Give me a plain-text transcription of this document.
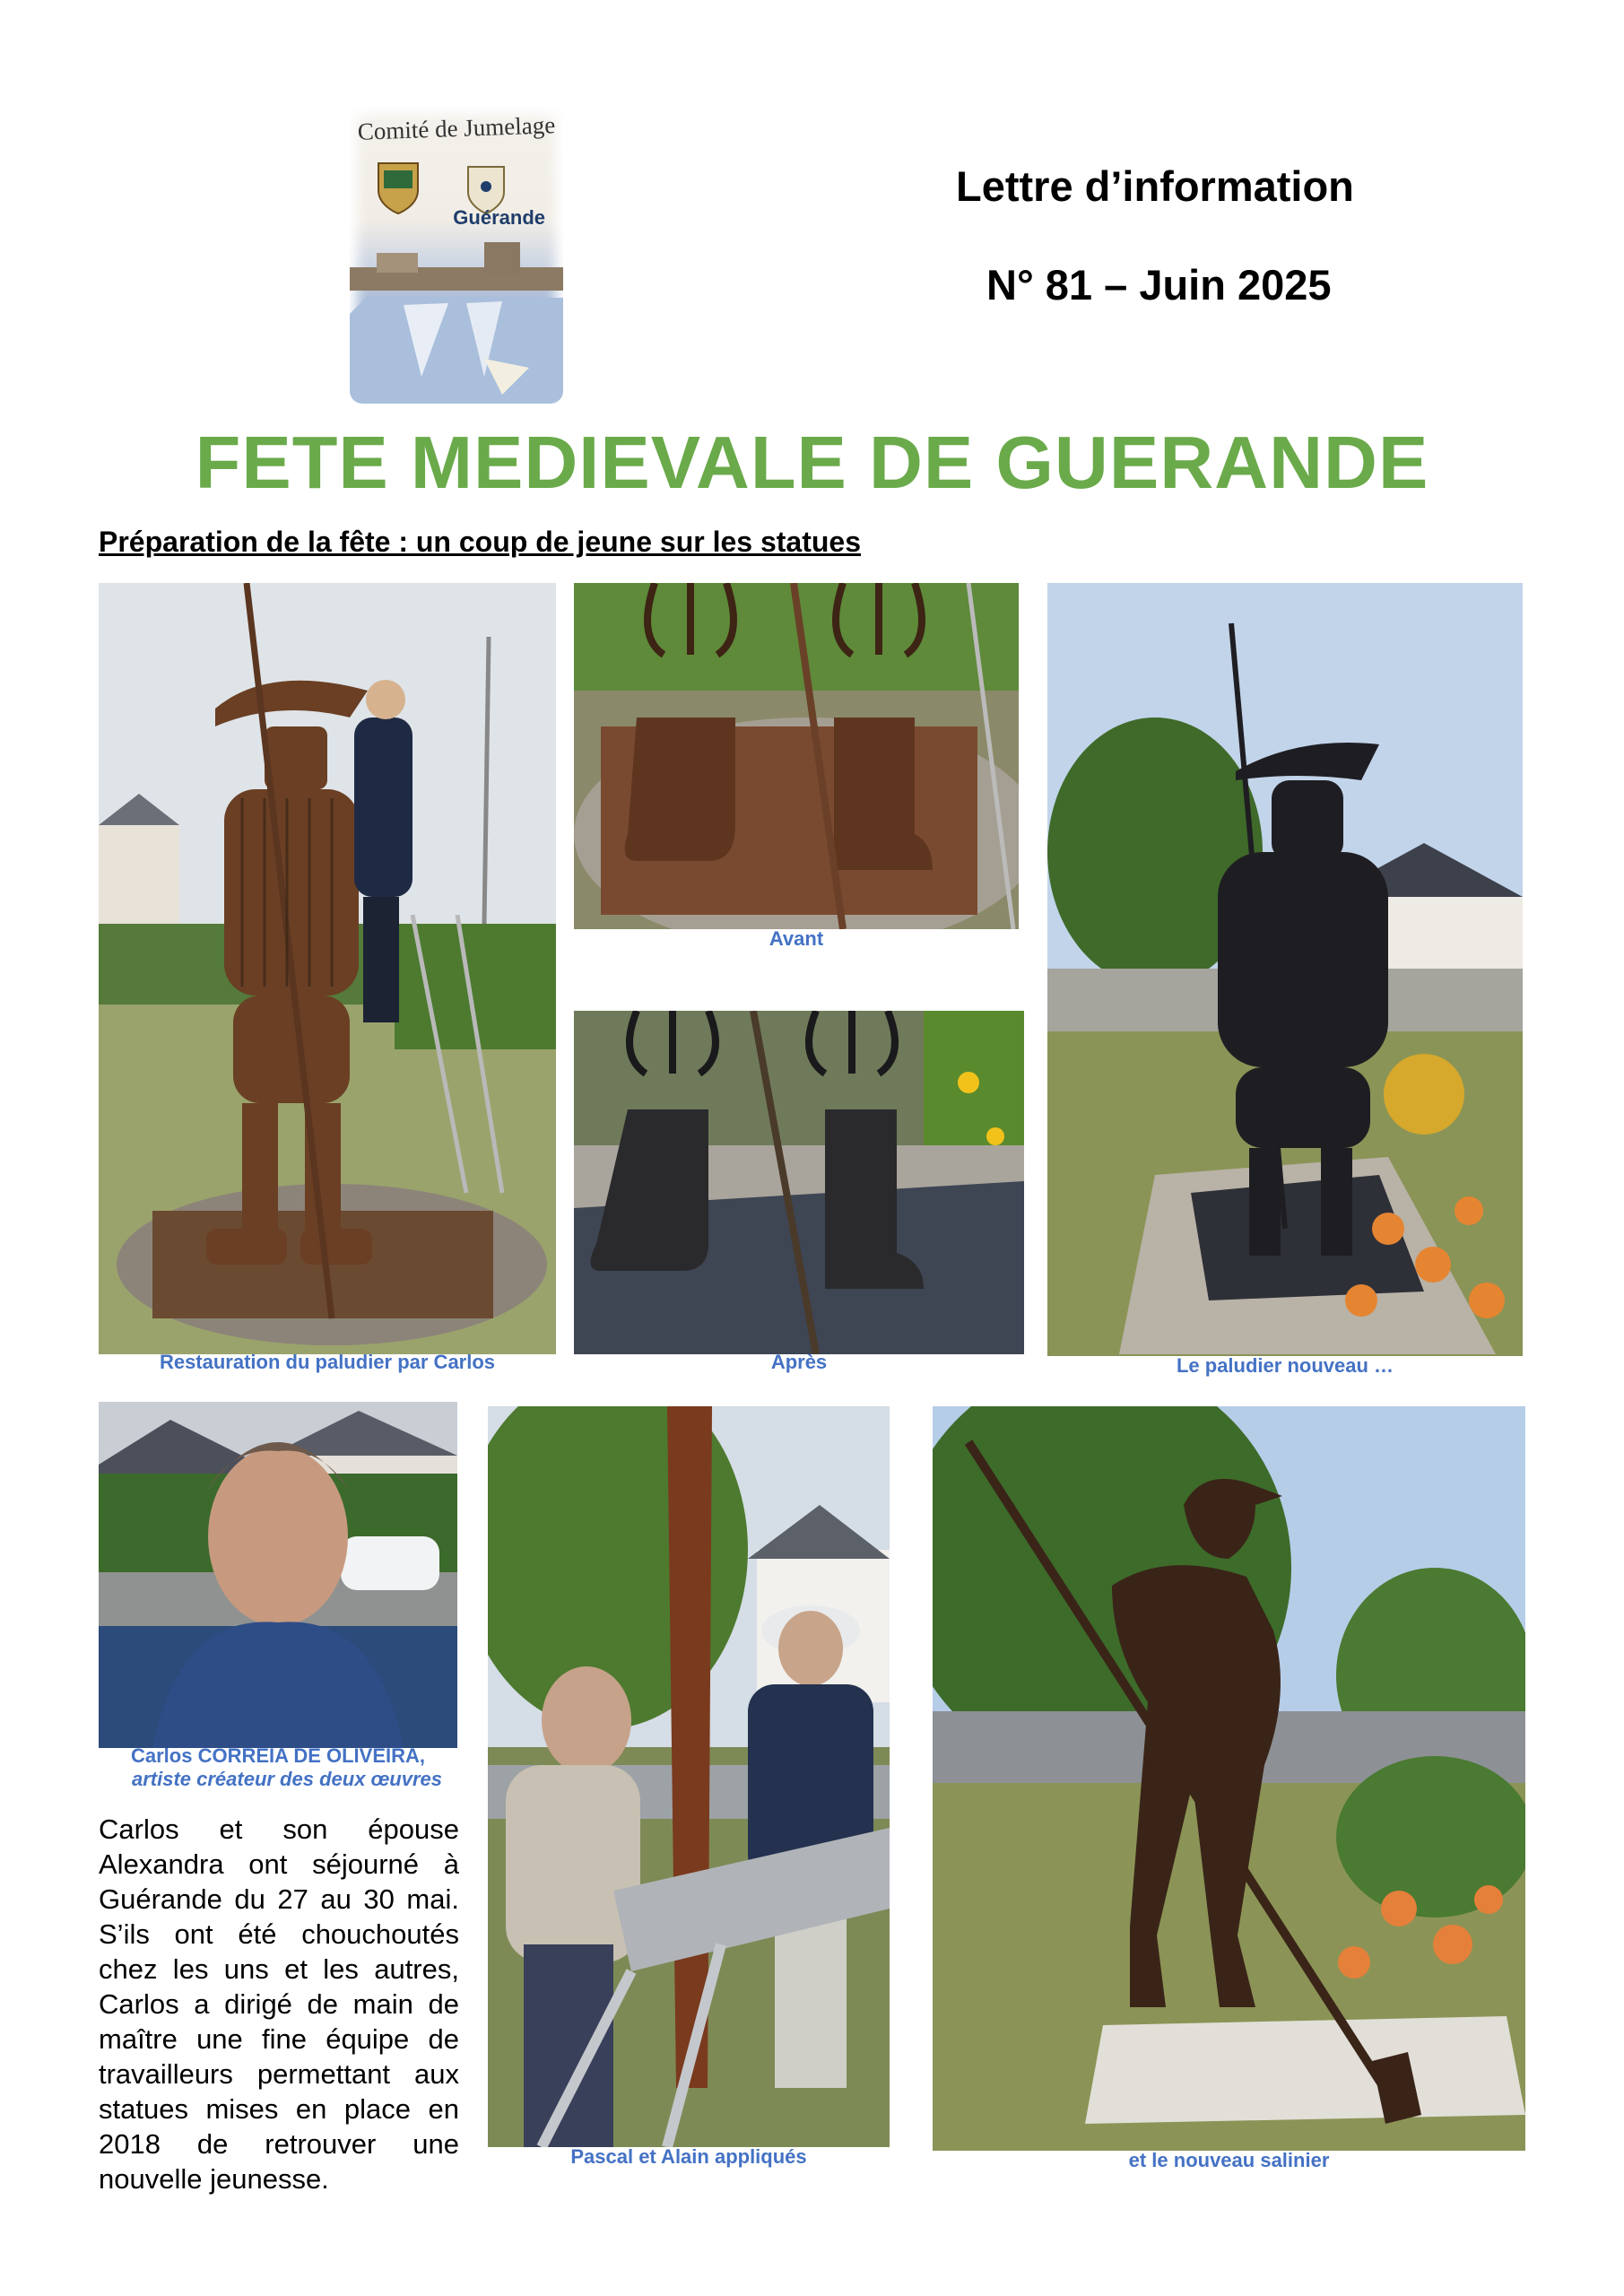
Comité de Jumelage
Guérande
Lettre d’information
N° 81 – Juin 2025
FETE MEDIEVALE DE GUERANDE
Préparation de la fête : un coup de jeune sur les statues
Restauration du paludier par Carlos
Avant
Après	Le paludier nouveau …
Carlos CORREIA DE OLIVEIRA,
artiste créateur des deux œuvres
Carlos et son épouse Alexandra ont séjourné à Guérande du 27 au 30 mai. S’ils ont été chouchoutés chez les uns et les autres, Carlos a dirigé de main de maître une fine équipe de travailleurs permettant aux statues mises en place en 2018 de retrouver une nouvelle jeunesse.
Pascal et Alain appliqués	et le nouveau salinier
